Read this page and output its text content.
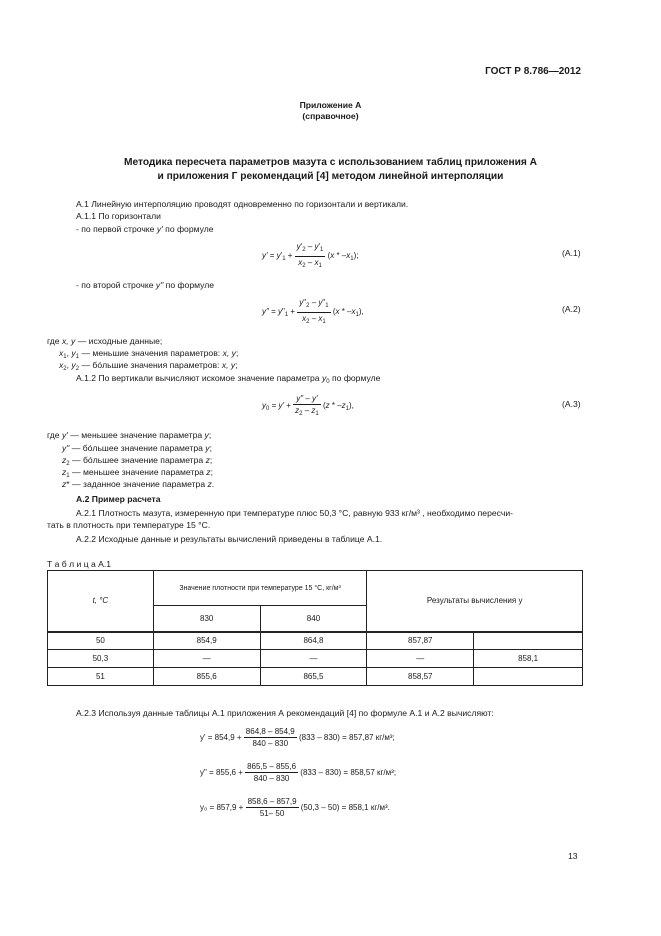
ГОСТ Р 8.786—2012
Приложение А
(справочное)
Методика пересчета параметров мазута с использованием таблиц приложения А
и приложения Г рекомендаций [4] методом линейной интерполяции
А.1 Линейную интерполяцию проводят одновременно по горизонтали и вертикали.
А.1.1 По горизонтали
- по первой строчке y' по формуле
$y' = y'_1 + \frac{y'_2 - y'_1}{x_2 - x_1} (x * -x_1)$;	(А.1)
- по второй строчке y" по формуле
y" = $y"_1 + \frac{y"_2 - y"_1}{x_2 - x_1} (x * -x_1)$,	(А.2)
где x, y — исходные данные;
$x_1$, $y_1$ — меньшие значения параметров: x, y;
$x_2$, $y_2$ — бóльшие значения параметров: x, y;
А.1.2 По вертикали вычисляют искомое значение параметра $y_0$ по формуле
$y_0 = y' + \frac{y" - y'}{z_2 - z_1} (z * -z_1)$,	(А.3)
где y' — меньшее значение параметра y;
y" — бóльшее значение параметра y;
$z_2$ — бóльшее значение параметра z;
$z_1$ — меньшее значение параметра z;
z* — заданное значение параметра z.
А.2 Пример расчета
А.2.1 Плотность мазута, измеренную при температуре плюс 50,3 °С, равную 933 кг/м³ , необходимо пересчи-
тать в плотность при температуре 15 °С.
А.2.2 Исходные данные и результаты вычислений приведены в таблице А.1.
Т а б л и ц а А.1
t, °С	Значение плотности при температуре 15 °С, кг/м³		Результаты вычисления y	
	830	840		
50	854,9	864,8	857,87	
50,3	—	—	—	858,1
51	855,6	865,5	858,57	
А.2.3 Используя данные таблицы А.1 приложения А рекомендаций [4] по формуле А.1 и А.2 вычисляют:
$y' = 854,9 + \frac{864,8 - 854,9}{840 - 830} (833 - 830) = 857,87$ кг/м³;
y" = $855,6 + \frac{865,5 - 855,6}{840 - 830} (833 - 830) = 858,57$ кг/м³;
$y_0 = 857,9 + \frac{858,6 - 857,9}{51- 50} (50,3 - 50) = 858,1$ кг/м³.
13
